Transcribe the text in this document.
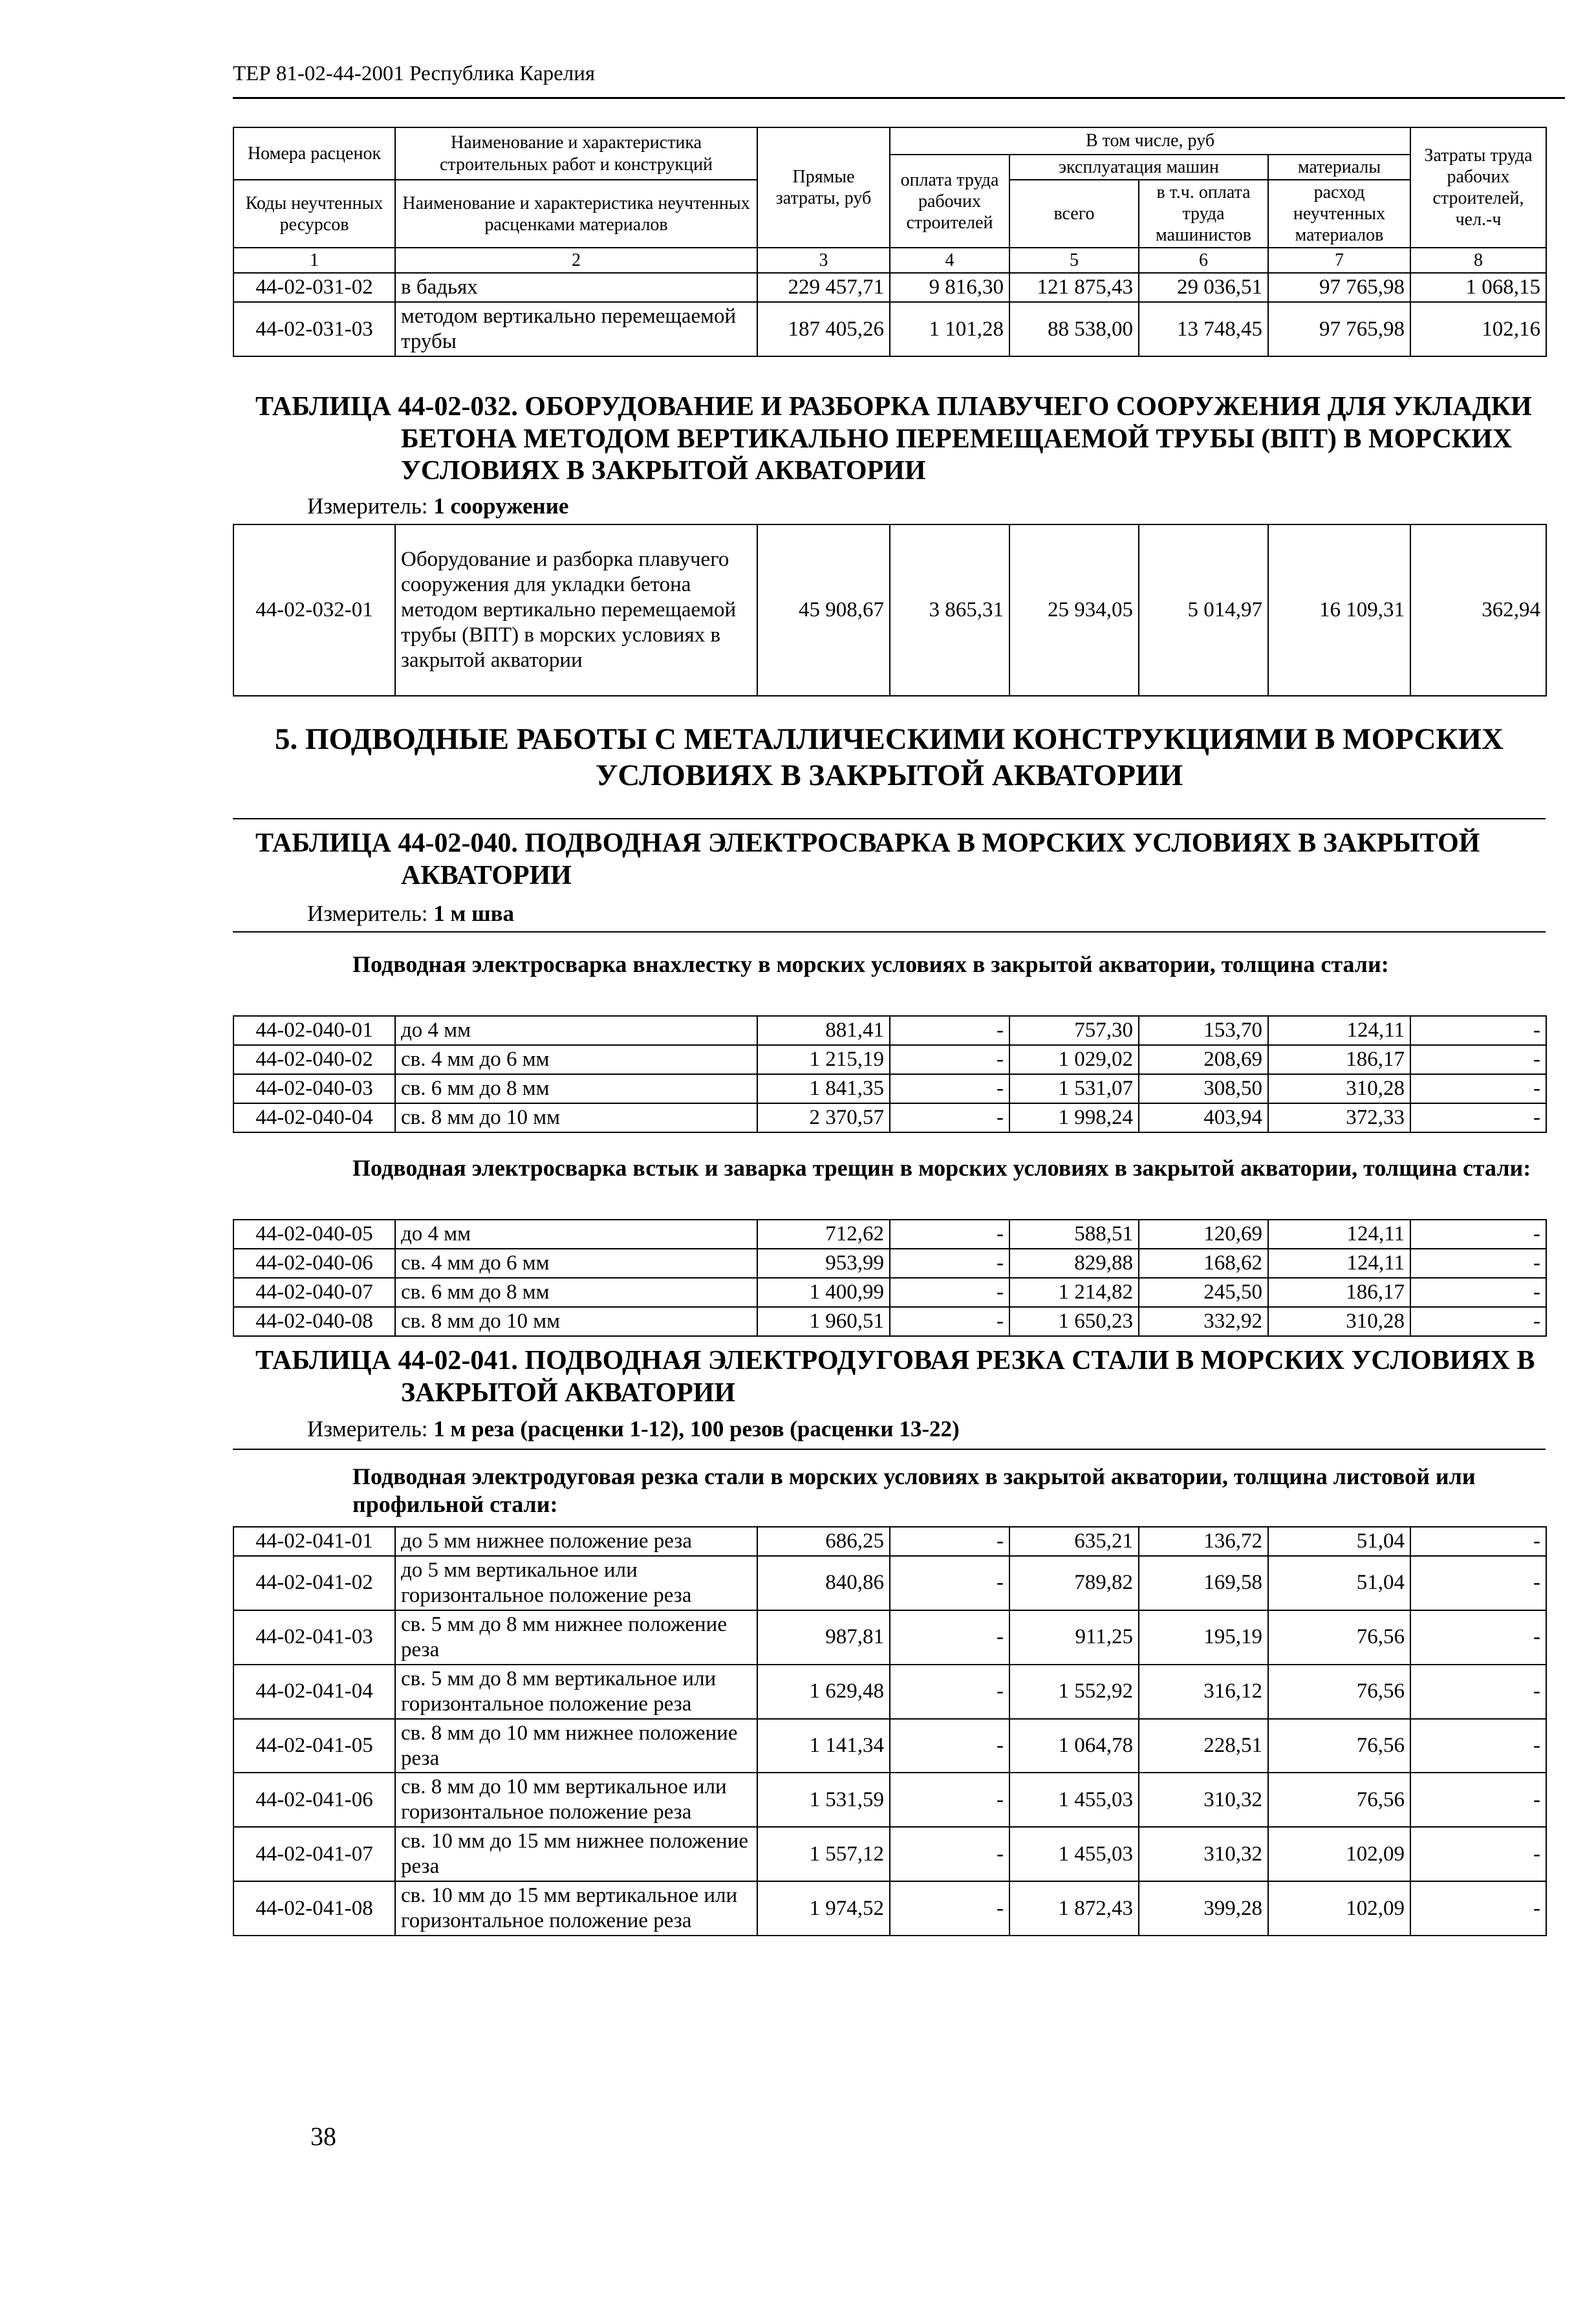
ТЕР 81-02-44-2001 Республика Карелия
Номера расценок	Наименование и характеристика строительных работ и конструкций	Прямые затраты, руб	В том числе, руб				Затраты труда рабочих строителей, чел.-ч
			оплата труда рабочих строителей	эксплуатация машин		материалы	
Коды неучтенных ресурсов	Наименование и характеристика неучтенных расценками материалов			всего	в т.ч. оплата труда машинистов	расход неучтенных материалов	

1	2	3	4	5	6	7	8
44-02-031-02	в бадьях	229 457,71	9 816,30	121 875,43	29 036,51	97 765,98	1 068,15
44-02-031-03	методом вертикально перемещаемой трубы	187 405,26	1 101,28	88 538,00	13 748,45	97 765,98	102,16
ТАБЛИЦА 44-02-032. ОБОРУДОВАНИЕ И РАЗБОРКА ПЛАВУЧЕГО СООРУЖЕНИЯ ДЛЯ УКЛАДКИ БЕТОНА МЕТОДОМ ВЕРТИКАЛЬНО ПЕРЕМЕЩАЕМОЙ ТРУБЫ (ВПТ) В МОРСКИХ УСЛОВИЯХ В ЗАКРЫТОЙ АКВАТОРИИ
Измеритель: 1 сооружение
44-02-032-01	Оборудование и разборка плавучего сооружения для укладки бетона методом вертикально перемещаемой трубы (ВПТ) в морских условиях в закрытой акватории	45 908,67	3 865,31	25 934,05	5 014,97	16 109,31	362,94
5. ПОДВОДНЫЕ РАБОТЫ С МЕТАЛЛИЧЕСКИМИ КОНСТРУКЦИЯМИ В МОРСКИХ УСЛОВИЯХ В ЗАКРЫТОЙ АКВАТОРИИ
ТАБЛИЦА 44-02-040. ПОДВОДНАЯ ЭЛЕКТРОСВАРКА В МОРСКИХ УСЛОВИЯХ В ЗАКРЫТОЙ АКВАТОРИИ
Измеритель: 1 м шва
Подводная электросварка внахлестку в морских условиях в закрытой акватории, толщина стали:
44-02-040-01	до 4 мм	881,41	-	757,30	153,70	124,11	-
44-02-040-02	св. 4 мм до 6 мм	1 215,19	-	1 029,02	208,69	186,17	-
44-02-040-03	св. 6 мм до 8 мм	1 841,35	-	1 531,07	308,50	310,28	-
44-02-040-04	св. 8 мм до 10 мм	2 370,57	-	1 998,24	403,94	372,33	-
Подводная электросварка встык и заварка трещин в морских условиях в закрытой акватории, толщина стали:
44-02-040-05	до 4 мм	712,62	-	588,51	120,69	124,11	-
44-02-040-06	св. 4 мм до 6 мм	953,99	-	829,88	168,62	124,11	-
44-02-040-07	св. 6 мм до 8 мм	1 400,99	-	1 214,82	245,50	186,17	-
44-02-040-08	св. 8 мм до 10 мм	1 960,51	-	1 650,23	332,92	310,28	-
ТАБЛИЦА 44-02-041. ПОДВОДНАЯ ЭЛЕКТРОДУГОВАЯ РЕЗКА СТАЛИ В МОРСКИХ УСЛОВИЯХ В ЗАКРЫТОЙ АКВАТОРИИ
Измеритель: 1 м реза (расценки 1-12), 100 резов (расценки 13-22)
Подводная электродуговая резка стали в морских условиях в закрытой акватории, толщина листовой или профильной стали:
44-02-041-01	до 5 мм нижнее положение реза	686,25	-	635,21	136,72	51,04	-
44-02-041-02	до 5 мм вертикальное или горизонтальное положение реза	840,86	-	789,82	169,58	51,04	-
44-02-041-03	св. 5 мм до 8 мм нижнее положение реза	987,81	-	911,25	195,19	76,56	-
44-02-041-04	св. 5 мм до 8 мм вертикальное или горизонтальное положение реза	1 629,48	-	1 552,92	316,12	76,56	-
44-02-041-05	св. 8 мм до 10 мм нижнее положение реза	1 141,34	-	1 064,78	228,51	76,56	-
44-02-041-06	св. 8 мм до 10 мм вертикальное или горизонтальное положение реза	1 531,59	-	1 455,03	310,32	76,56	-
44-02-041-07	св. 10 мм до 15 мм нижнее положение реза	1 557,12	-	1 455,03	310,32	102,09	-
44-02-041-08	св. 10 мм до 15 мм вертикальное или горизонтальное положение реза	1 974,52	-	1 872,43	399,28	102,09	-
38
